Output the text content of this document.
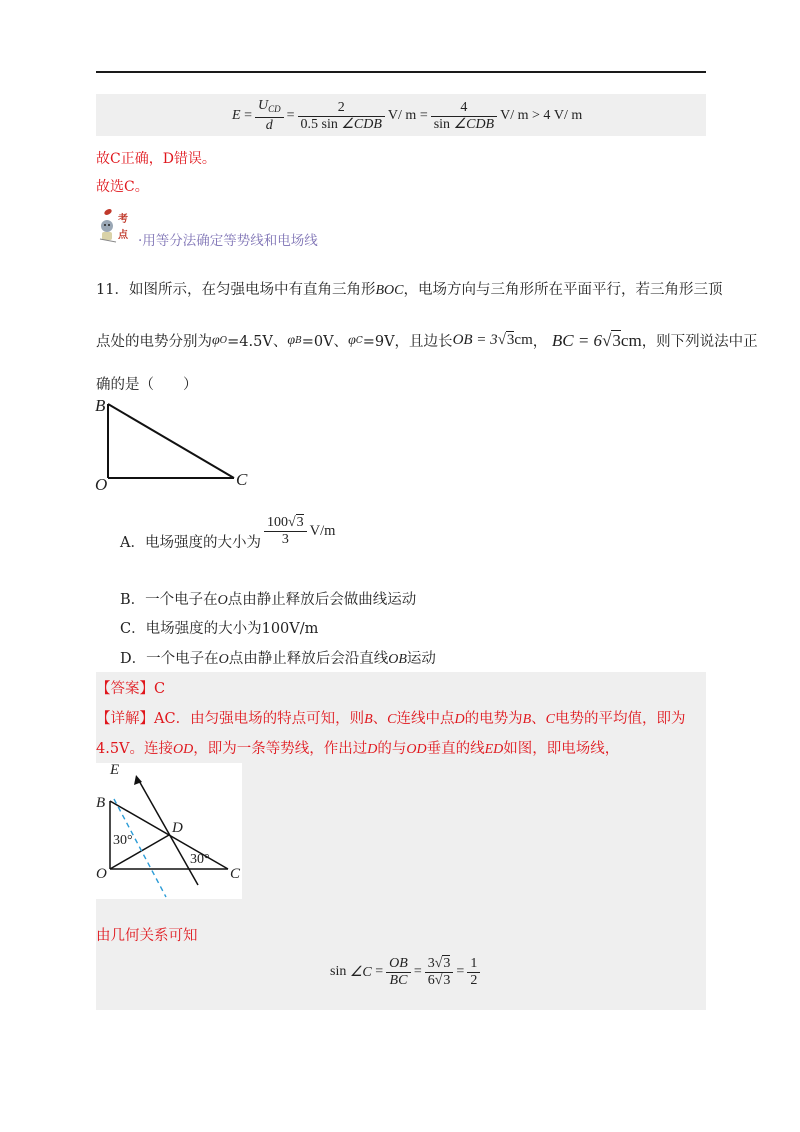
E
= $\frac{U_{CD}}{d} = \frac{2}{\text{0.5 sin ∠CDB}} V/$ m
= $\frac{4}{\text{sin ∠CDB}} V/$ m
> 4
V/ m
故C正确，D错误。
故选C。
考
点 ·用等分法确定等势线和电场线
11．如图所示，在匀强电场中有直角三角形BOC，电场方向与三角形所在平面平行，若三角形三顶
点处的电势分别为 φ O =4.5V、 φ B =0V、 φ C =9V，且边长 OB = 3√3cm ，
BC = 6√3cm ，则下列说法中正
确的是（　　）
B
O	C
A．电场强度的大小为 $\frac{100√3}{3} V/m$
B．一个电子在O点由静止释放后会做曲线运动
C．电场强度的大小为100V/m
D．一个电子在O点由静止释放后会沿直线OB运动
【答案】C
【详解】AC．由匀强电场的特点可知，则B、C连线中点D的电势为B、C电势的平均值，即为
4.5V。连接OD，即为一条等势线，作出过D的与OD垂直的线ED如图，即电场线，
E
B
D
O	C
30°
30°
由几何关系可知
sin
∠C
= $\frac{OB}{BC} = \frac{3√3}{6√3} = \frac{1}{2}$
